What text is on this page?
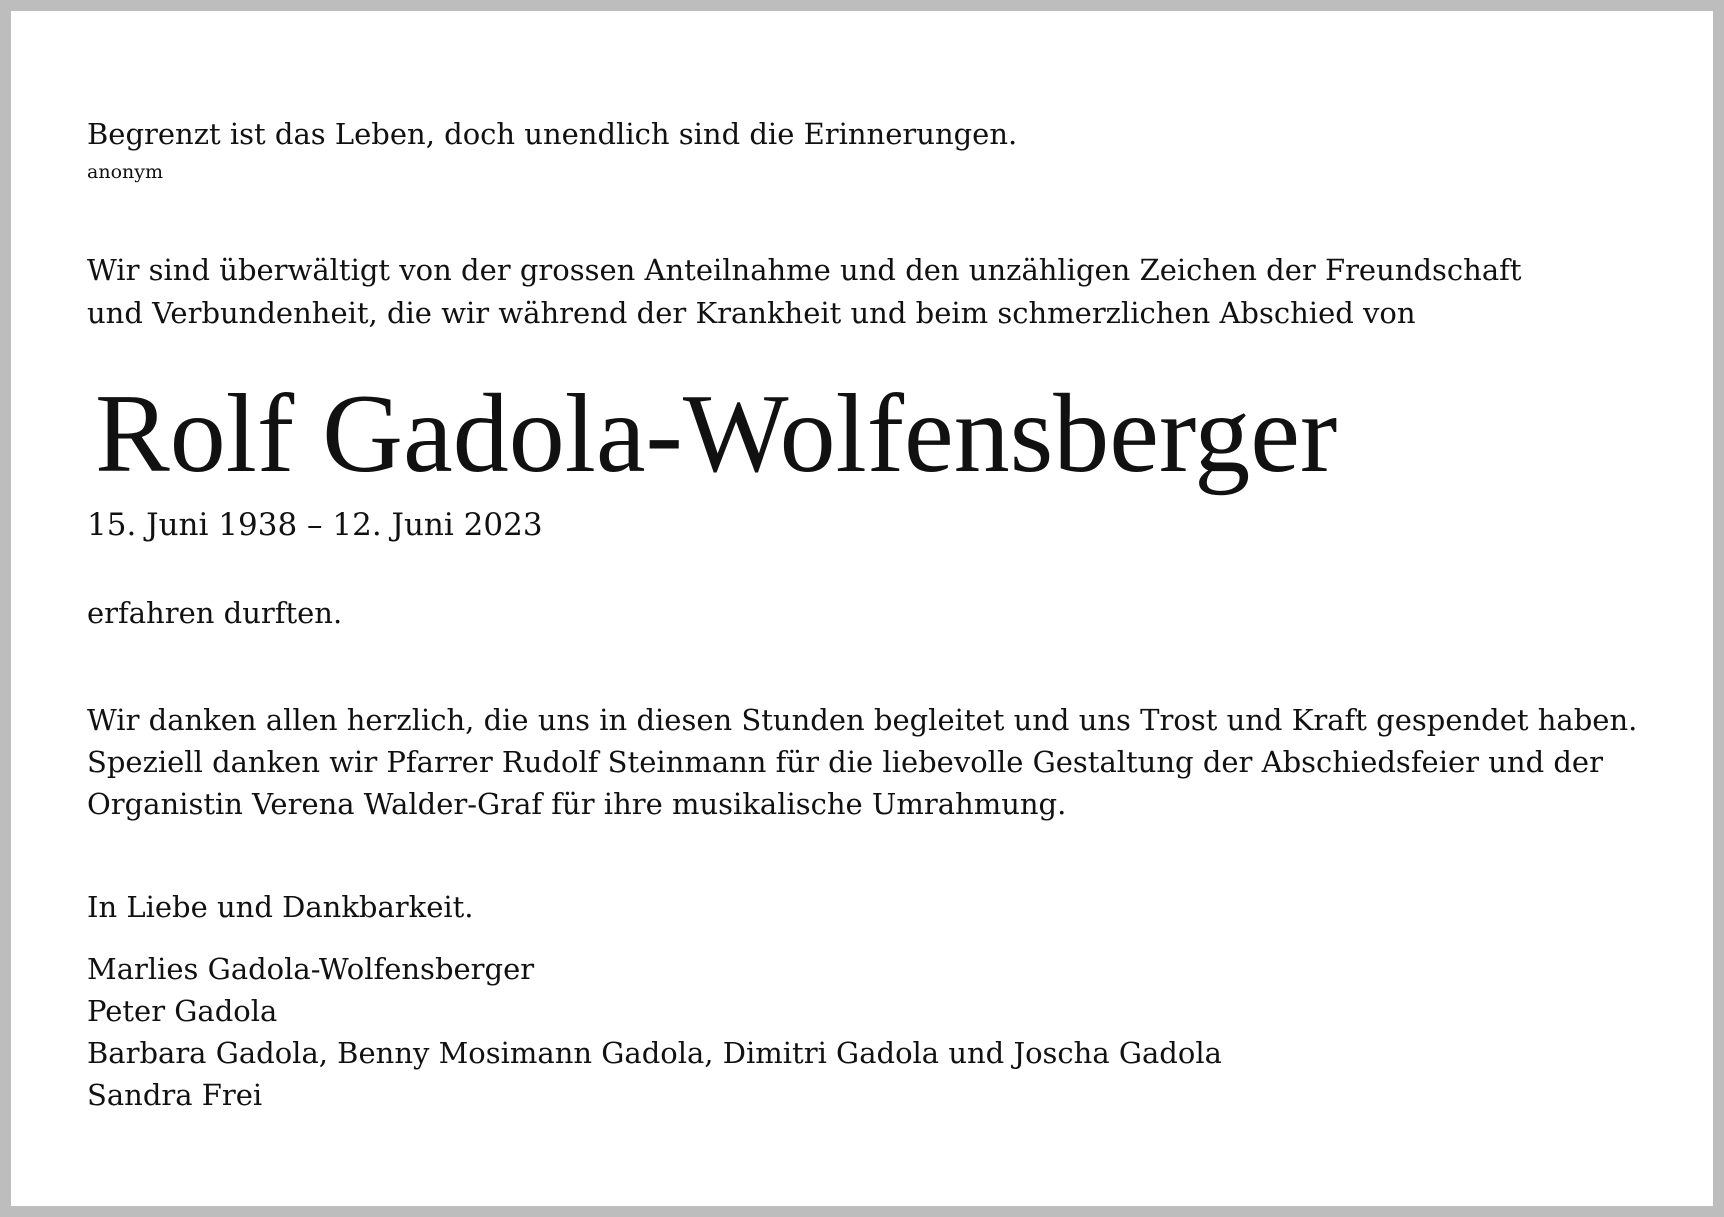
Begrenzt ist das Leben, doch unendlich sind die Erinnerungen.

anonym

Wir sind überwältigt von der grossen Anteilnahme und den unzähligen Zeichen der Freundschaft
und Verbundenheit, die wir während der Krankheit und beim schmerzlichen Abschied von

Rolf Gadola-Wolfensberger

15. Juni 1938 – 12. Juni 2023

erfahren durften.

Wir danken allen herzlich, die uns in diesen Stunden begleitet und uns Trost und Kraft gespendet haben.
Speziell danken wir Pfarrer Rudolf Steinmann für die liebevolle Gestaltung der Abschiedsfeier und der
Organistin Verena Walder-Graf für ihre musikalische Umrahmung.

In Liebe und Dankbarkeit.

Marlies Gadola-Wolfensberger
Peter Gadola
Barbara Gadola, Benny Mosimann Gadola, Dimitri Gadola und Joscha Gadola
Sandra Frei
